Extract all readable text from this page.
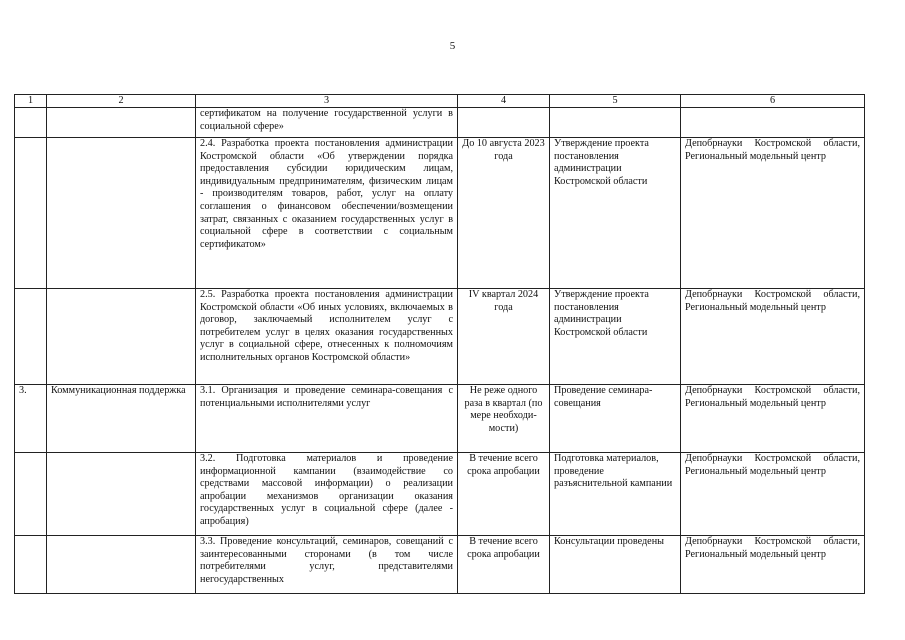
5
1	2	3	4	5	6
		сертификатом на получение государственной услуги в социальной сфере»			
		2.4. Разработка проекта постановления администрации Костромской области «Об утверждении порядка предоставления субсидии юридическим лицам, индивидуальным предпринимателям, физическим лицам - производителям товаров, работ, услуг на оплату соглашения о финансовом обеспечении/возмещении затрат, связанных с оказанием государственных услуг в социальной сфере в соответствии с социальным сертификатом»	До 10 августа 2023 года	Утверждение проекта постановления администрации Костромской области	Депобрнауки Костромской области, Региональный модельный центр
		2.5. Разработка проекта постановления администрации Костромской области «Об иных условиях, включаемых в договор, заключаемый исполнителем услуг с потребителем услуг в целях оказания государственных услуг в социальной сфере, отнесенных к полномочиям исполнительных органов Костромской области»	IV квартал 2024 года	Утверждение проекта постановления администрации Костромской области	Депобрнауки Костромской области, Региональный модельный центр
3.	Коммуникационная поддержка	3.1. Организация и проведение семинара-совещания с потенциальными исполнителями услуг	Не реже одного раза в квартал (по мере необходи-мости)	Проведение семинара-совещания	Депобрнауки Костромской области, Региональный модельный центр
		3.2. Подготовка материалов и проведение информационной кампании (взаимодействие со средствами массовой информации) о реализации апробации механизмов организации оказания государственных услуг в социальной сфере (далее - апробация)	В течение всего срока апробации	Подготовка материалов, проведение разъяснительной кампании	Депобрнауки Костромской области, Региональный модельный центр
		3.3. Проведение консультаций, семинаров, совещаний с заинтересованными сторонами (в том числе потребителями услуг, представителями негосударственных	В течение всего срока апробации	Консультации проведены	Депобрнауки Костромской области, Региональный модельный центр
